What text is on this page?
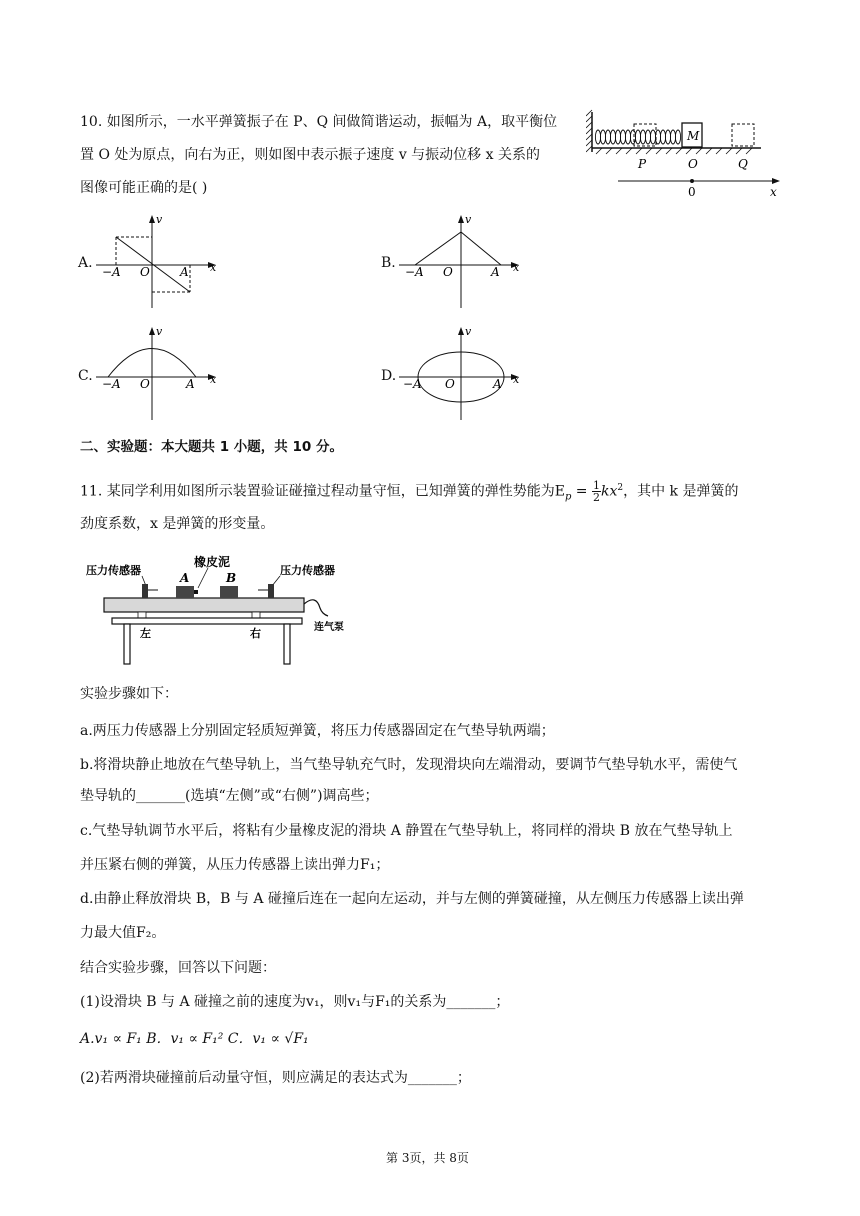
10. 如图所示，一水平弹簧振子在 P、Q 间做简谐运动，振幅为 A，取平衡位
置 O 处为原点，向右为正，则如图中表示振子速度 v 与振动位移 x 关系的
图像可能正确的是( )
M
P	O	Q
0	x
A.
v
x
−A O	A
B.
v
x
−A O	A
C.
v
x
−A O	A	D.
v
x
−A O	A
二、实验题：本大题共 1 小题，共 10 分。
11. 某同学利用如图所示装置验证碰撞过程动量守恒，已知弹簧的弹性势能为$E_p = \frac{1}{2} kx^2$，其中 k 是弹簧的
劲度系数，x 是弹簧的形变量。
压力传感器
橡皮泥
A	B
压力传感器
连气泵
左	右
实验步骤如下：
a.两压力传感器上分别固定轻质短弹簧，将压力传感器固定在气垫导轨两端；
b.将滑块静止地放在气垫导轨上，当气垫导轨充气时，发现滑块向左端滑动，要调节气垫导轨水平，需使气
垫导轨的_______(选填“左侧”或“右侧”)调高些；
c.气垫导轨调节水平后，将粘有少量橡皮泥的滑块 A 静置在气垫导轨上，将同样的滑块 B 放在气垫导轨上
并压紧右侧的弹簧，从压力传感器上读出弹力F₁；
d.由静止释放滑块 B，B 与 A 碰撞后连在一起向左运动，并与左侧的弹簧碰撞，从左侧压力传感器上读出弹
力最大值F₂。
结合实验步骤，回答以下问题：
(1)设滑块 B 与 A 碰撞之前的速度为v₁，则v₁与F₁的关系为_______；
A.v₁ ∝ F₁ B．v₁ ∝ F₁² C．v₁ ∝ √F₁
(2)若两滑块碰撞前后动量守恒，则应满足的表达式为_______；
第 3页，共 8页
